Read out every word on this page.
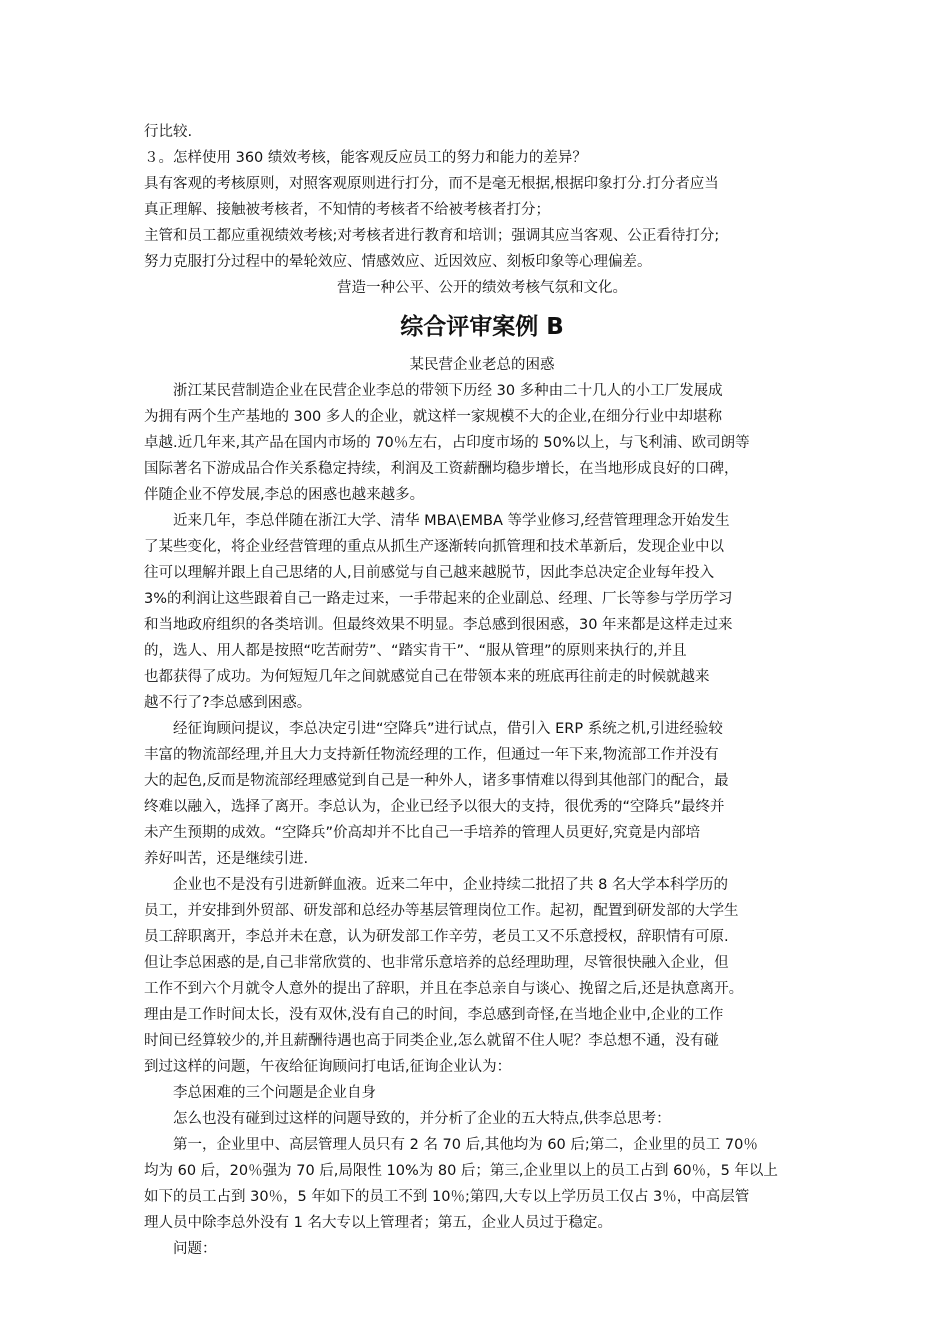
行比较.
３。怎样使用 360 绩效考核，能客观反应员工的努力和能力的差异？
具有客观的考核原则，对照客观原则进行打分，而不是毫无根据,根据印象打分.打分者应当
真正理解、接触被考核者，不知情的考核者不给被考核者打分；
主管和员工都应重视绩效考核;对考核者进行教育和培训；强调其应当客观、公正看待打分;
努力克服打分过程中的晕轮效应、情感效应、近因效应、刻板印象等心理偏差。
营造一种公平、公开的绩效考核气氛和文化。
综合评审案例 B
某民营企业老总的困惑
浙江某民营制造企业在民营企业李总的带领下历经 30 多种由二十几人的小工厂发展成
为拥有两个生产基地的 300 多人的企业，就这样一家规模不大的企业,在细分行业中却堪称
卓越.近几年来,其产品在国内市场的 70％左右，占印度市场的 50%以上，与飞利浦、欧司朗等
国际著名下游成品合作关系稳定持续，利润及工资薪酬均稳步增长，在当地形成良好的口碑，
伴随企业不停发展,李总的困惑也越来越多。
近来几年，李总伴随在浙江大学、清华 MBA\EMBA 等学业修习,经营管理理念开始发生
了某些变化，将企业经营管理的重点从抓生产逐渐转向抓管理和技术革新后，发现企业中以
往可以理解并跟上自己思绪的人,目前感觉与自己越来越脱节，因此李总决定企业每年投入
3%的利润让这些跟着自己一路走过来，一手带起来的企业副总、经理、厂长等参与学历学习
和当地政府组织的各类培训。但最终效果不明显。李总感到很困惑，30 年来都是这样走过来
的，选人、用人都是按照“吃苦耐劳”、“踏实肯干”、“服从管理”的原则来执行的,并且
也都获得了成功。为何短短几年之间就感觉自己在带领本来的班底再往前走的时候就越来
越不行了?李总感到困惑。
经征询顾问提议，李总决定引进“空降兵”进行试点，借引入 ERP 系统之机,引进经验较
丰富的物流部经理,并且大力支持新任物流经理的工作，但通过一年下来,物流部工作并没有
大的起色,反而是物流部经理感觉到自己是一种外人，诸多事情难以得到其他部门的配合，最
终难以融入，选择了离开。李总认为，企业已经予以很大的支持，很优秀的“空降兵”最终并
未产生预期的成效。“空降兵”价高却并不比自己一手培养的管理人员更好,究竟是内部培
养好叫苦，还是继续引进.
企业也不是没有引进新鲜血液。近来二年中，企业持续二批招了共 8 名大学本科学历的
员工，并安排到外贸部、研发部和总经办等基层管理岗位工作。起初，配置到研发部的大学生
员工辞职离开，李总并未在意，认为研发部工作辛劳，老员工又不乐意授权，辞职情有可原.
但让李总困惑的是,自己非常欣赏的、也非常乐意培养的总经理助理，尽管很快融入企业，但
工作不到六个月就令人意外的提出了辞职，并且在李总亲自与谈心、挽留之后,还是执意离开。
理由是工作时间太长，没有双休,没有自己的时间，李总感到奇怪,在当地企业中,企业的工作
时间已经算较少的,并且薪酬待遇也高于同类企业,怎么就留不住人呢？李总想不通，没有碰
到过这样的问题，午夜给征询顾问打电话,征询企业认为：
李总困难的三个问题是企业自身
怎么也没有碰到过这样的问题导致的，并分析了企业的五大特点,供李总思考：
第一，企业里中、高层管理人员只有 2 名 70 后,其他均为 60 后;第二，企业里的员工 70％
均为 60 后，20％强为 70 后,局限性 10%为 80 后；第三,企业里以上的员工占到 60％，5 年以上
如下的员工占到 30％，5 年如下的员工不到 10％;第四,大专以上学历员工仅占 3％，中高层管
理人员中除李总外没有 1 名大专以上管理者；第五，企业人员过于稳定。
问题：
